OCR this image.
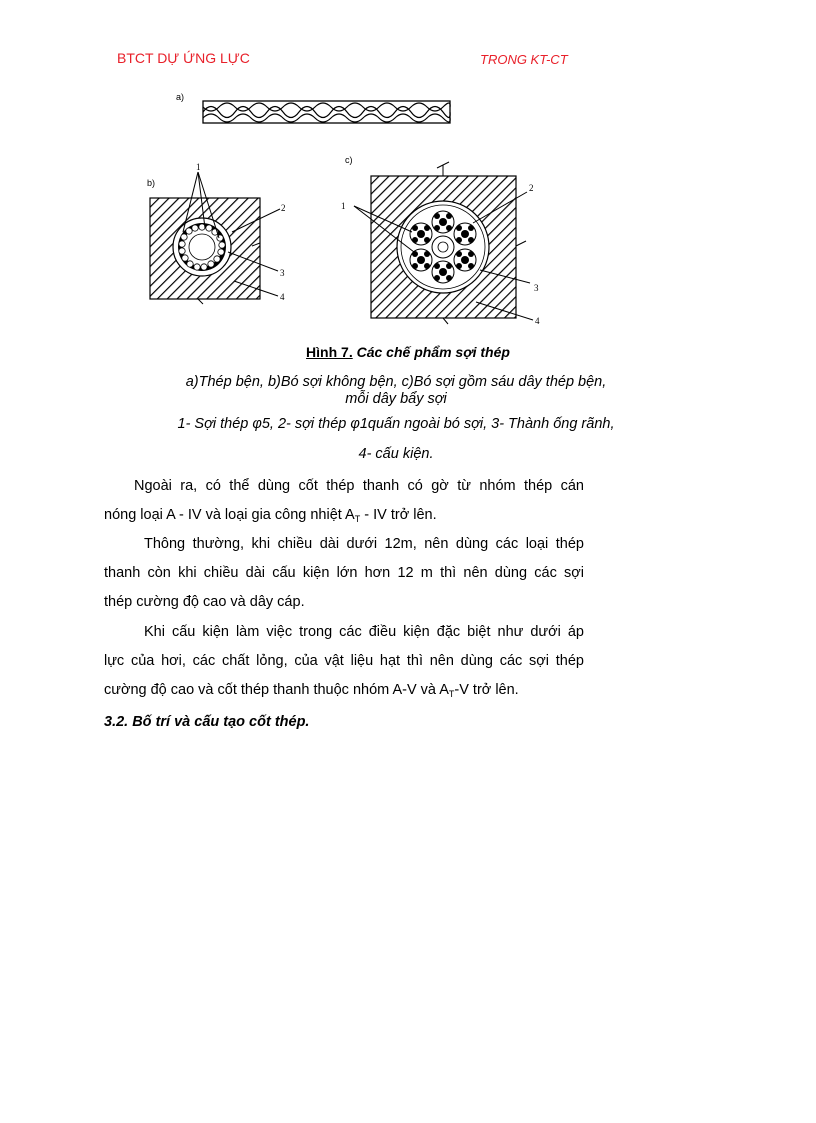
BTCT DỰ ỨNG LỰC	TRONG KT-CT
a)
b)
1
2
3
4
c)
1
2
3
4
Hình 7. Các chế phẩm sợi thép
a)Thép bện, b)Bó sợi không bện, c)Bó sợi gồm sáu dây thép bện,
mỗi dây bẩy sợi
1- Sợi thép φ5, 2- sợi thép φ1quấn ngoài bó sợi, 3- Thành ống rãnh,
4- cấu kiện.
Ngoài ra, có thể dùng cốt thép thanh có gờ từ nhóm thép cán
nóng loại A - IV và loại gia công nhiệt $A_T$ - IV trở lên.
Thông thường, khi chiều dài dưới 12m, nên dùng các loại thép
thanh còn khi chiều dài cấu kiện lớn hơn 12 m thì nên dùng các sợi
thép cường độ cao và dây cáp.
Khi cấu kiện làm việc trong các điều kiện đặc biệt như dưới áp
lực của hơi, các chất lỏng, của vật liệu hạt thì nên dùng các sợi thép
cường độ cao và cốt thép thanh thuộc nhóm A-V và $A_T-V$ trở lên.
3.2. Bố trí và cấu tạo cốt thép.
